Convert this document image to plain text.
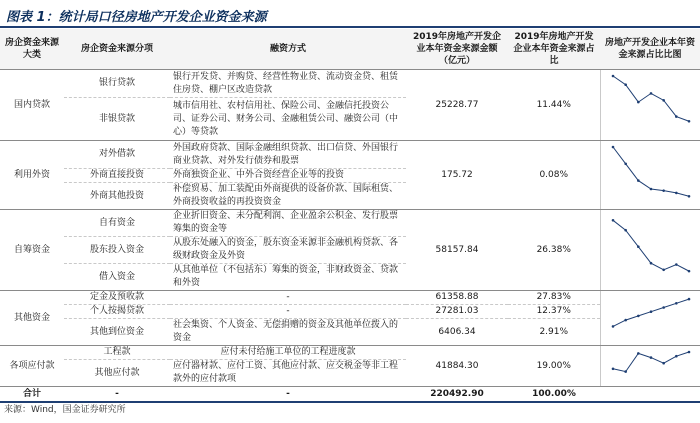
图表 1：统计局口径房地产开发企业资金来源
房企资金来源大类	房企资金来源分项	融资方式	2019年房地产开发企业本年资金来源金额（亿元）	2019年房地产开发企业本年资金来源占比	房地产开发企业本年资金来源占比比图
国内贷款	银行贷款	银行开发贷、并购贷、经营性物业贷、流动资金贷、租赁住房贷、棚户区改造贷款	25228.77	11.44%	

	非银贷款	城市信用社、农村信用社、保险公司、金融信托投资公司、证券公司、财务公司、金融租赁公司、融资公司（中心）等贷款			
利用外资	对外借款	外国政府贷款、国际金融组织贷款、出口信贷、外国银行商业贷款、对外发行债券和股票	175.72	0.08%	

	外商直接投资	外商独资企业、中外合资经营企业等的投资			
	外商其他投资	补偿贸易、加工装配由外商提供的设备价款、国际租赁、外商投资收益的再投资资金			
自筹资金	自有资金	企业折旧资金、未分配利润、企业盈余公积金、发行股票筹集的资金等	58157.84	26.38%	

	股东投入资金	从股东处融入的资金，股东资金来源非金融机构贷款、各级财政资金及外资			
	借入资金	从其他单位（不包括东）筹集的资金，非财政资金、贷款和外资			
其他资金	定金及预收款	-	61358.88	27.83%	

	个人按揭贷款	-	27281.03	12.37%	
	其他到位资金	社会集资、个人资金、无偿捐赠的资金及其他单位拨入的资金	6406.34	2.91%	
各项应付款	工程款	应付未付给施工单位的工程进度款	41884.30	19.00%	

	其他应付款	应付器材款、应付工资、其他应付款、应交税金等非工程款外的应付款项			
合计	-	-	220492.90	100.00%	
来源：Wind，国金证券研究所
